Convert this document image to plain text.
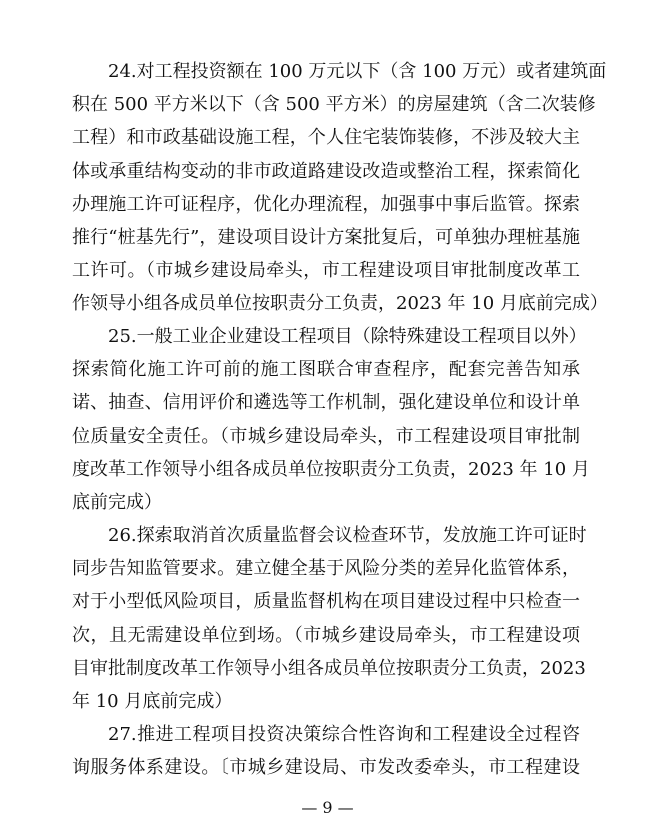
24.对工程投资额在 100 万元以下（含 100 万元）或者建筑面
积在 500 平方米以下（含 500 平方米）的房屋建筑（含二次装修
工程）和市政基础设施工程，个人住宅装饰装修，不涉及较大主
体或承重结构变动的非市政道路建设改造或整治工程，探索简化
办理施工许可证程序，优化办理流程，加强事中事后监管。探索
推行“桩基先行”，建设项目设计方案批复后，可单独办理桩基施
工许可。（市城乡建设局牵头，市工程建设项目审批制度改革工
作领导小组各成员单位按职责分工负责，2023 年 10 月底前完成）
25.一般工业企业建设工程项目（除特殊建设工程项目以外）
探索简化施工许可前的施工图联合审查程序，配套完善告知承
诺、抽查、信用评价和遴选等工作机制，强化建设单位和设计单
位质量安全责任。（市城乡建设局牵头，市工程建设项目审批制
度改革工作领导小组各成员单位按职责分工负责，2023 年 10 月
底前完成）
26.探索取消首次质量监督会议检查环节，发放施工许可证时
同步告知监管要求。建立健全基于风险分类的差异化监管体系，
对于小型低风险项目，质量监督机构在项目建设过程中只检查一
次，且无需建设单位到场。（市城乡建设局牵头，市工程建设项
目审批制度改革工作领导小组各成员单位按职责分工负责，2023
年 10 月底前完成）
27.推进工程项目投资决策综合性咨询和工程建设全过程咨
询服务体系建设。〔市城乡建设局、市发改委牵头，市工程建设
— 9 —
